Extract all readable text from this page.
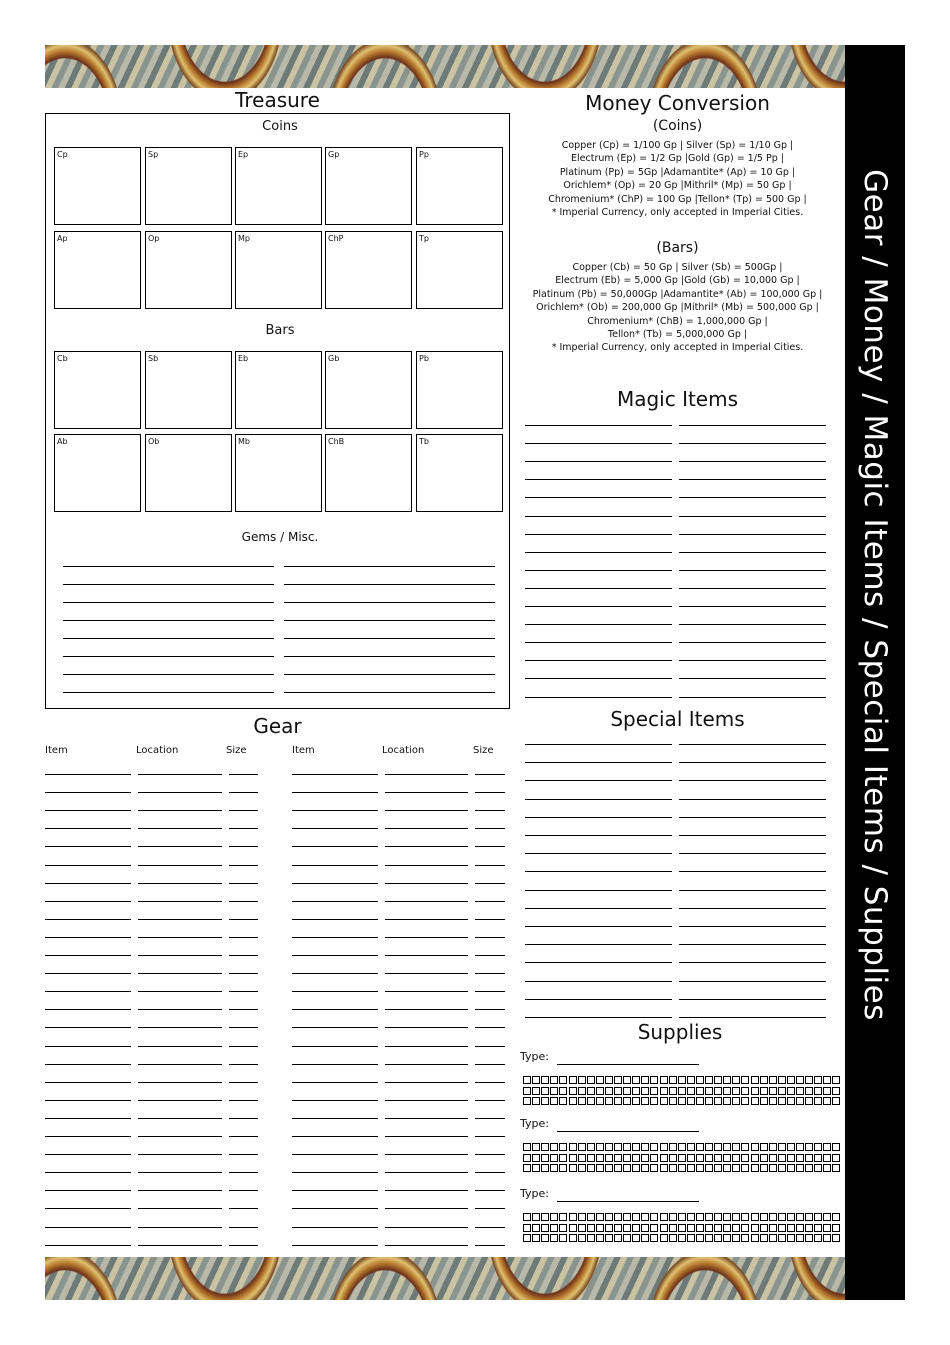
Gear / Money / Magic Items / Special Items / Supplies
Treasure
Coins
Bars
Gems / Misc.
Cp	Sp	Ep	Gp	Pp
Ap	Op	Mp	ChP	Tp
Cb	Sb	Eb	Gb	Pb
Ab	Ob	Mb	ChB	Tb
Money Conversion
(Coins)
Copper (Cp) = 1/100 Gp | Silver (Sp) = 1/10 Gp |
Electrum (Ep) = 1/2 Gp |Gold (Gp) = 1/5 Pp |
Platinum (Pp) = 5Gp |Adamantite* (Ap) = 10 Gp |
Orichlem* (Op) = 20 Gp |Mithril* (Mp) = 50 Gp |
Chromenium* (ChP) = 100 Gp |Tellon* (Tp) = 500 Gp |
* Imperial Currency, only accepted in Imperial Cities.
(Bars)
Copper (Cb) = 50 Gp | Silver (Sb) = 500Gp |
Electrum (Eb) = 5,000 Gp |Gold (Gb) = 10,000 Gp |
Platinum (Pb) = 50,000Gp |Adamantite* (Ab) = 100,000 Gp |
Orichlem* (Ob) = 200,000 Gp |Mithril* (Mb) = 500,000 Gp |
Chromenium* (ChB) = 1,000,000 Gp |
Tellon* (Tb) = 5,000,000 Gp |
* Imperial Currency, only accepted in Imperial Cities.
Magic Items
Special Items
Gear
Item	Location	Size	Item	Location	Size
Supplies
Type:
Type:
Type:
